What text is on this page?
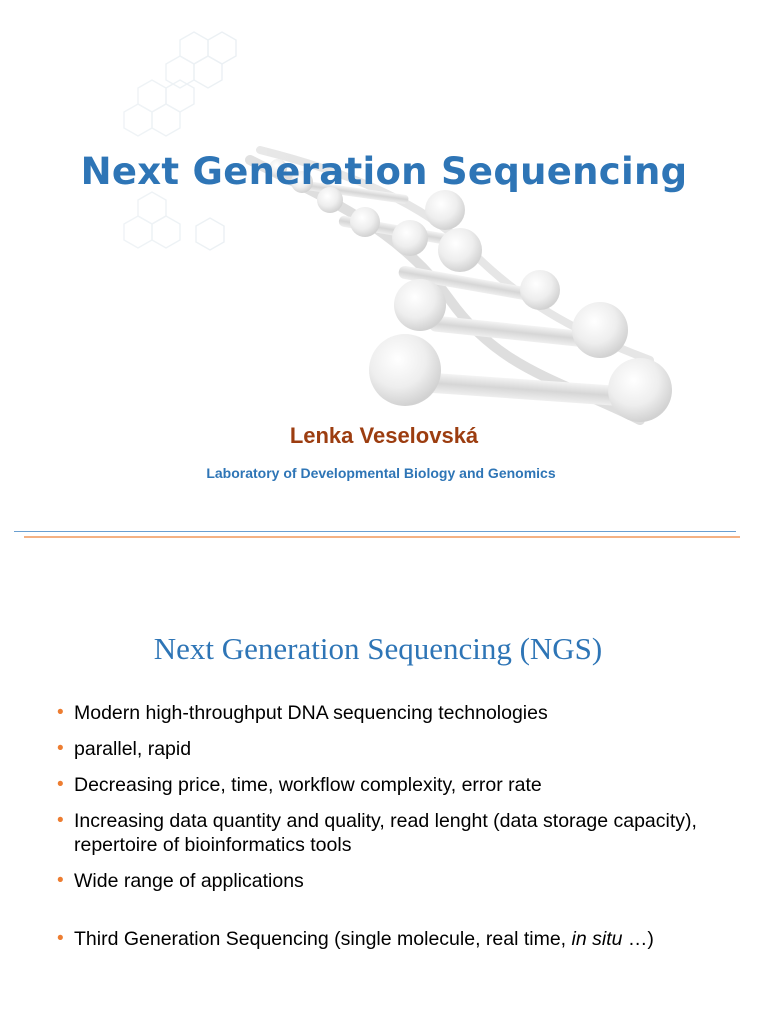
Next Generation Sequencing
Lenka Veselovská
Laboratory of Developmental Biology and Genomics
Next Generation Sequencing (NGS)
• Modern high-throughput DNA sequencing technologies
• parallel, rapid
• Decreasing price, time, workflow complexity, error rate
• Increasing data quantity and quality, read lenght (data storage capacity), repertoire of bioinformatics tools
• Wide range of applications
• Third Generation Sequencing (single molecule, real time, in situ …)
